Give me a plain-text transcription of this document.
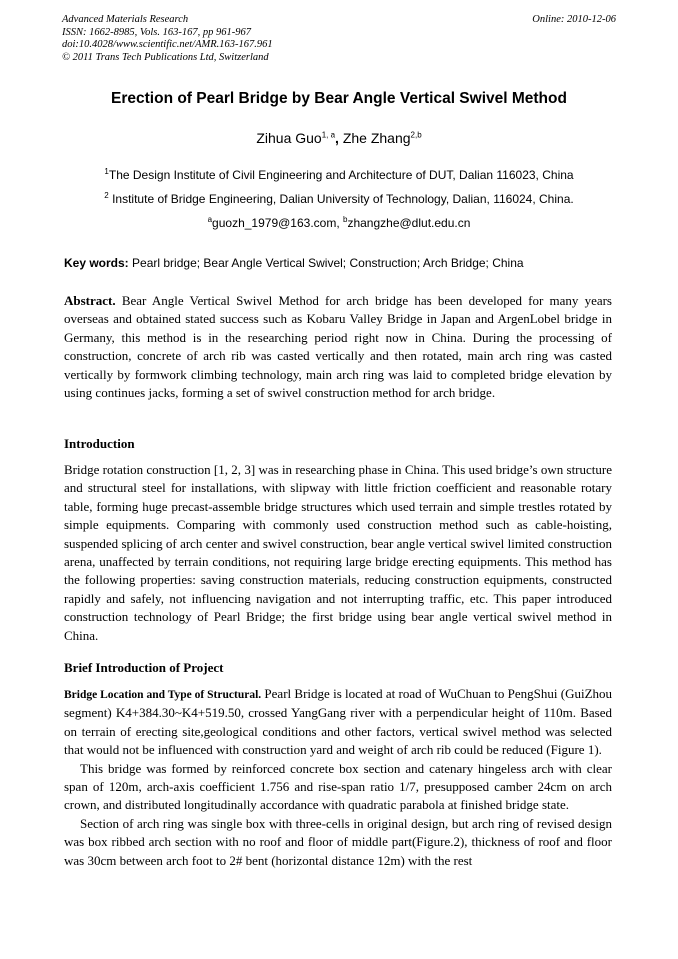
Advanced Materials Research
ISSN: 1662-8985, Vols. 163-167, pp 961-967
doi:10.4028/www.scientific.net/AMR.163-167.961
© 2011 Trans Tech Publications Ltd, Switzerland
Online: 2010-12-06
Erection of Pearl Bridge by Bear Angle Vertical Swivel Method
Zihua Guo$^{1, a}$, Zhe Zhang$^{2,b}$
$^1$The Design Institute of Civil Engineering and Architecture of DUT, Dalian 116023, China
$^2$ Institute of Bridge Engineering, Dalian University of Technology, Dalian, 116024, China.
$^a$guozh_1979@163.com, $^b$zhangzhe@dlut.edu.cn
Key words: Pearl bridge; Bear Angle Vertical Swivel; Construction; Arch Bridge; China
Abstract. Bear Angle Vertical Swivel Method for arch bridge has been developed for many years overseas and obtained stated success such as Kobaru Valley Bridge in Japan and ArgenLobel bridge in Germany, this method is in the researching period right now in China. During the processing of construction, concrete of arch rib was casted vertically and then rotated, main arch ring was casted vertically by formwork climbing technology, main arch ring was laid to completed bridge elevation by using continues jacks, forming a set of swivel construction method for arch bridge.
Introduction
Bridge rotation construction [1, 2, 3] was in researching phase in China. This used bridge’s own structure and structural steel for installations, with slipway with little friction coefficient and reasonable rotary table, forming huge precast-assemble bridge structures which used terrain and simple trestles rotated by simple equipments. Comparing with commonly used construction method such as cable-hoisting, suspended splicing of arch center and swivel construction, bear angle vertical swivel limited construction arena, unaffected by terrain conditions, not requiring large bridge erecting equipments. This method has the following properties: saving construction materials, reducing construction equipments, constructed rapidly and safely, not influencing navigation and not interrupting traffic, etc. This paper introduced construction technology of Pearl Bridge; the first bridge using bear angle vertical swivel method in China.
Brief Introduction of Project

Bridge Location and Type of Structural. Pearl Bridge is located at road of WuChuan to PengShui (GuiZhou segment) K4+384.30~K4+519.50, crossed YangGang river with a perpendicular height of 110m. Based on terrain of erecting site,geological conditions and other factors, vertical swivel method was selected that would not be influenced with construction yard and weight of arch rib could be reduced (Figure 1).

This bridge was formed by reinforced concrete box section and catenary hingeless arch with clear span of 120m, arch-axis coefficient 1.756 and rise-span ratio 1/7, presupposed camber 24cm on arch crown, and distributed longitudinally accordance with quadratic parabola at finished bridge state.

Section of arch ring was single box with three-cells in original design, but arch ring of revised design was box ribbed arch section with no roof and floor of middle part(Figure.2), thickness of roof and floor was 30cm between arch foot to 2# bent (horizontal distance 12m) with the rest
